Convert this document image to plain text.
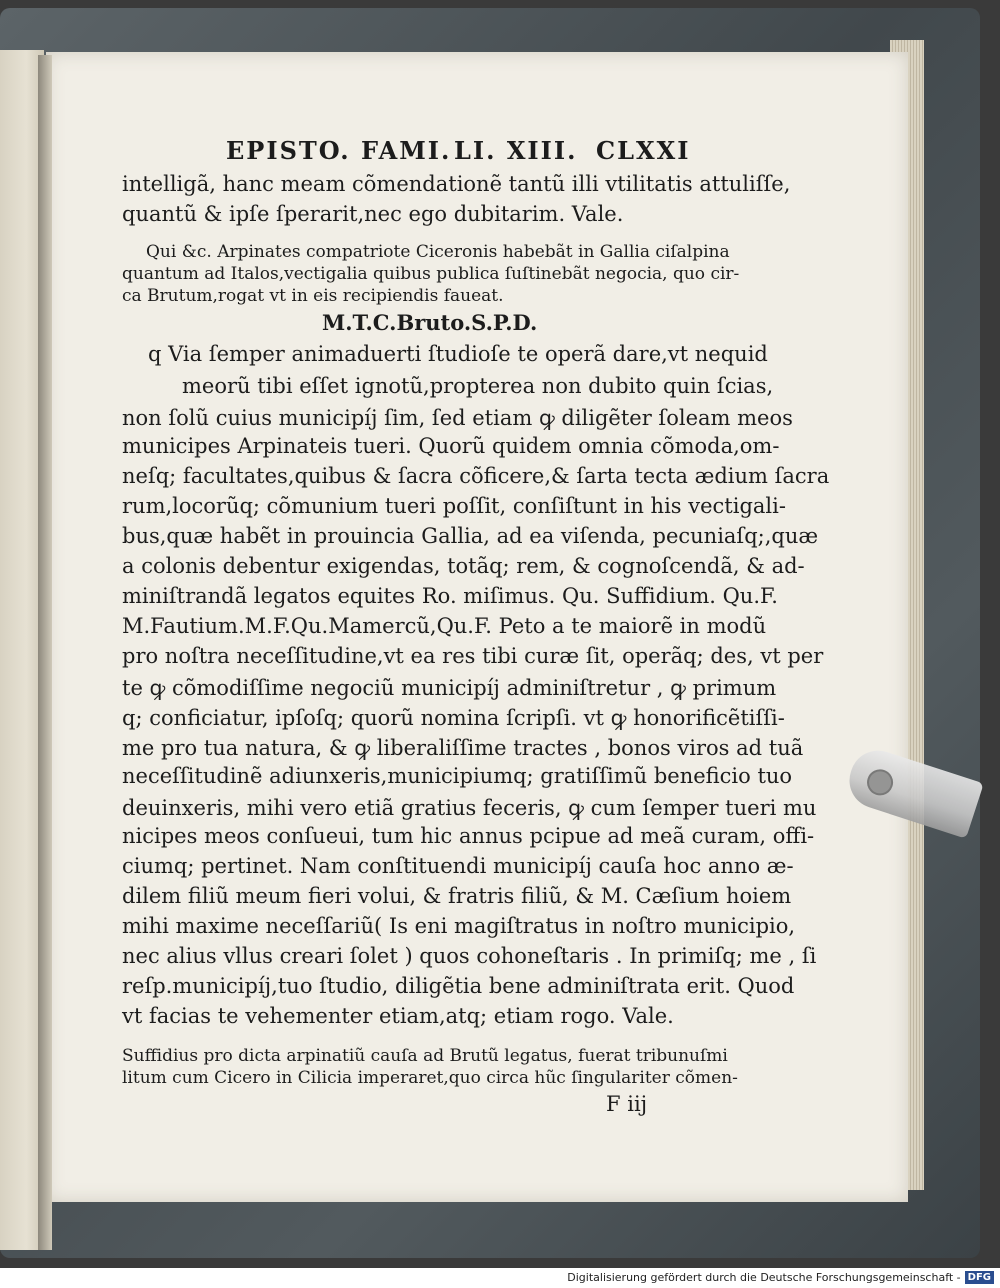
EPISTO. FAMI. LI. XIII. CLXXI
intelligã, hanc meam cõmendationẽ tantũ illi vtilitatis attuliſſe,
quantũ & ipſe ſperarit,nec ego dubitarim. Vale.
Qui &c. Arpinates compatriote Ciceronis habebãt in Gallia ciſalpina
quantum ad Italos,vectigalia quibus publica ſuſtinebãt negocia, quo cir-
ca Brutum,rogat vt in eis recipiendis faueat.
M.T.C.Bruto.S.P.D.
q Via ſemper animaduerti ſtudioſe te operã dare,vt nequid
meorũ tibi eſſet ignotũ,propterea non dubito quin ſcias,
non ſolũ cuius municipíj ſim, ſed etiam ꝙ diligẽter ſoleam meos
municipes Arpinateis tueri. Quorũ quidem omnia cõmoda,om-
neſq; facultates,quibus & ſacra cõficere,& ſarta tecta ædium ſacra
rum,locorũq; cõmunium tueri poſſit, conſiſtunt in his vectigali-
bus,quæ habẽt in prouincia Gallia, ad ea viſenda, pecuniaſq;,quæ
a colonis debentur exigendas, totãq; rem, & cognoſcendã, & ad-
miniſtrandã legatos equites Ro. miſimus. Qu. Suffidium. Qu.F.
M.Fautium.M.F.Qu.Mamercũ,Qu.F. Peto a te maiorẽ in modũ
pro noſtra neceſſitudine,vt ea res tibi curæ ſit, operãq; des, vt per
te ꝙ cõmodiſſime negociũ municipíj adminiſtretur , ꝙ primum
q; conficiatur, ipſoſq; quorũ nomina ſcripſi. vt ꝙ honorificẽtiſſi-
me pro tua natura, & ꝙ liberaliſſime tractes , bonos viros ad tuã
neceſſitudinẽ adiunxeris,municipiumq; gratiſſimũ beneficio tuo
deuinxeris, mihi vero etiã gratius feceris, ꝙ cum ſemper tueri mu
nicipes meos conſueui, tum hic annus pcipue ad meã curam, offi-
ciumq; pertinet. Nam conſtituendi municipíj cauſa hoc anno æ-
dilem filiũ meum fieri volui, & fratris filiũ, & M. Cæſium hoiem
mihi maxime neceſſariũ( Is eni magiſtratus in noſtro municipio,
nec alius vllus creari ſolet ) quos cohoneſtaris . In primiſq; me , ſi
reſp.municipíj,tuo ſtudio, diligẽtia bene adminiſtrata erit. Quod
vt facias te vehementer etiam,atq; etiam rogo. Vale.
Suffidius pro dicta arpinatiũ cauſa ad Brutũ legatus, fuerat tribunuſmi
litum cum Cicero in Cilicia imperaret,quo circa hũc ſingulariter cõmen-
F iij
Digitalisierung gefördert durch die Deutsche Forschungsgemeinschaft - DFG
